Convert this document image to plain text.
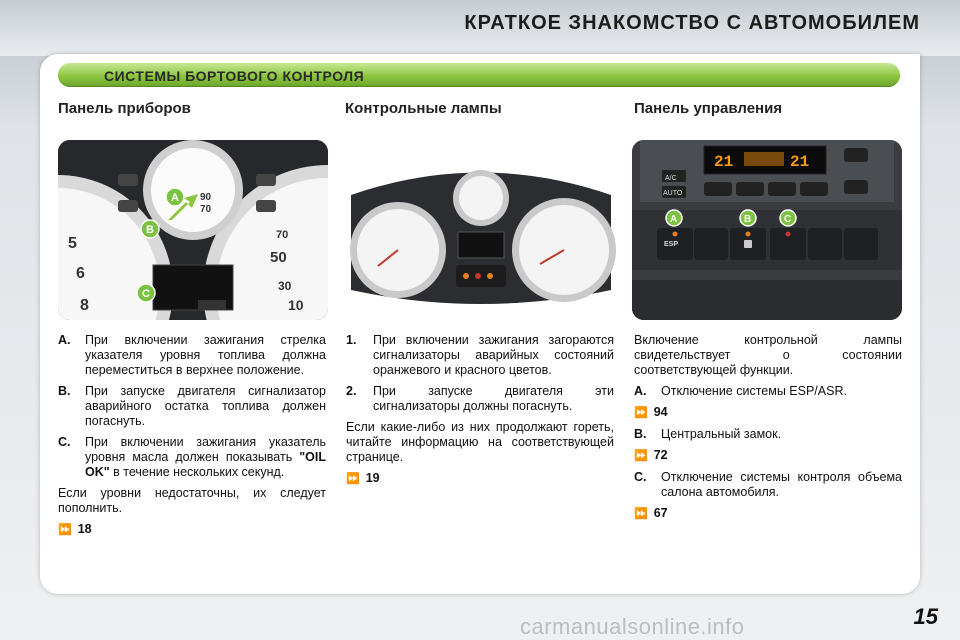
КРАТКОЕ ЗНАКОМСТВО С АВТОМОБИЛЕМ
СИСТЕМЫ БОРТОВОГО КОНТРОЛЯ
Панель приборов	Контрольные лампы	Панель управления
70
50
30
5
6
8	10
90
70
A
B
C
21	21
A/C
AUTO
ESP
A	B	C
A. При включении зажигания стрелка указателя уровня топлива должна переместиться в верхнее положение.
B. При запуске двигателя сигнализатор аварийного остатка топлива должен погаснуть.
C. При включении зажигания указатель уровня масла должен показывать "OIL OK" в течение нескольких секунд.

Если уровни недостаточны, их следует пополнить.

⏩ 18
1. При включении зажигания загораются сигнализаторы аварийных состояний оранжевого и красного цветов.
2. При запуске двигателя эти сигнализаторы должны погаснуть.

Если какие-либо из них продолжают гореть, читайте информацию на соответствующей странице.

⏩ 19

Включение контрольной лампы свидетельствует о состоянии соответствующей функции.

A. Отключение системы ESP/ASR.
⏩ 94
B. Центральный замок.
⏩ 72
C. Отключение системы контроля объема салона автомобиля.
⏩ 67
carmanualsonline.info	15
